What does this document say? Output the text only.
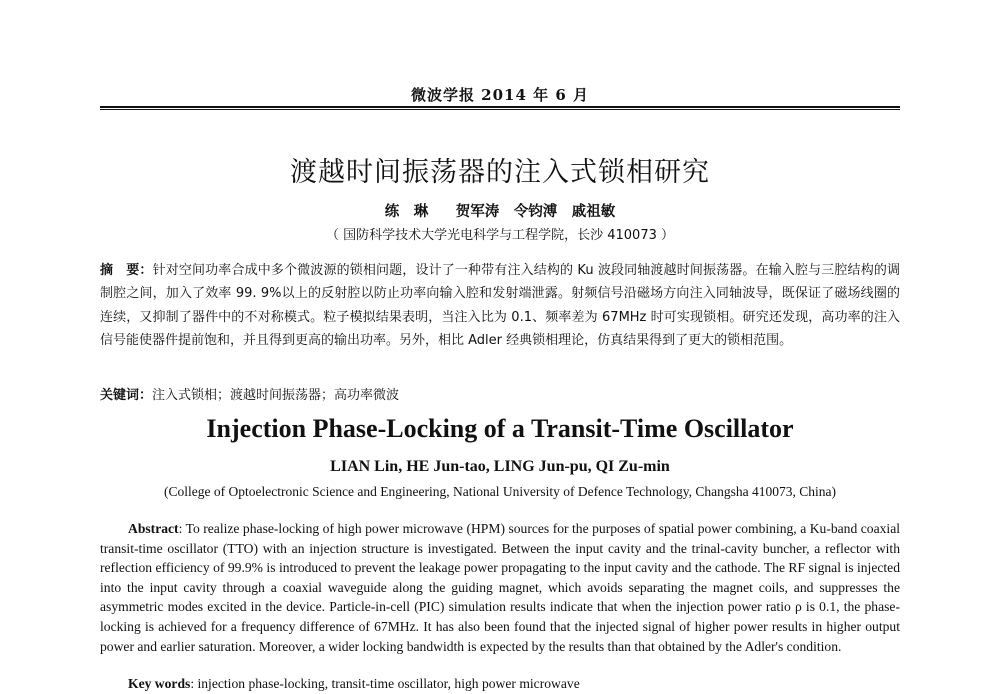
微波学报 2014 年 6 月
渡越时间振荡器的注入式锁相研究
练　琳　 贺军涛　令钧溥　戚祖敏
（ 国防科学技术大学光电科学与工程学院，长沙 410073 ）
摘　要：针对空间功率合成中多个微波源的锁相问题，设计了一种带有注入结构的 Ku 波段同轴渡越时间振荡器。在输入腔与三腔结构的调制腔之间，加入了效率 99. 9%以上的反射腔以防止功率向输入腔和发射端泄露。射频信号沿磁场方向注入同轴波导，既保证了磁场线圈的连续，又抑制了器件中的不对称模式。粒子模拟结果表明，当注入比为 0.1、频率差为 67MHz 时可实现锁相。研究还发现，高功率的注入信号能使器件提前饱和，并且得到更高的输出功率。另外，相比 Adler 经典锁相理论，仿真结果得到了更大的锁相范围。
关键词：注入式锁相；渡越时间振荡器；高功率微波
Injection Phase-Locking of a Transit-Time Oscillator
LIAN Lin, HE Jun-tao, LING Jun-pu, QI Zu-min
(College of Optoelectronic Science and Engineering, National University of Defence Technology, Changsha 410073, China)
Abstract: To realize phase-locking of high power microwave (HPM) sources for the purposes of spatial power combining, a Ku-band coaxial transit-time oscillator (TTO) with an injection structure is investigated. Between the input cavity and the trinal-cavity buncher, a reflector with reflection efficiency of 99.9% is introduced to prevent the leakage power propagating to the input cavity and the cathode. The RF signal is injected into the input cavity through a coaxial waveguide along the guiding magnet, which avoids separating the magnet coils, and suppresses the asymmetric modes excited in the device. Particle-in-cell (PIC) simulation results indicate that when the injection power ratio ρ is 0.1, the phase-locking is achieved for a frequency difference of 67MHz. It has also been found that the injected signal of higher power results in higher output power and earlier saturation. Moreover, a wider locking bandwidth is expected by the results than that obtained by the Adler's condition.
Key words: injection phase-locking, transit-time oscillator, high power microwave
